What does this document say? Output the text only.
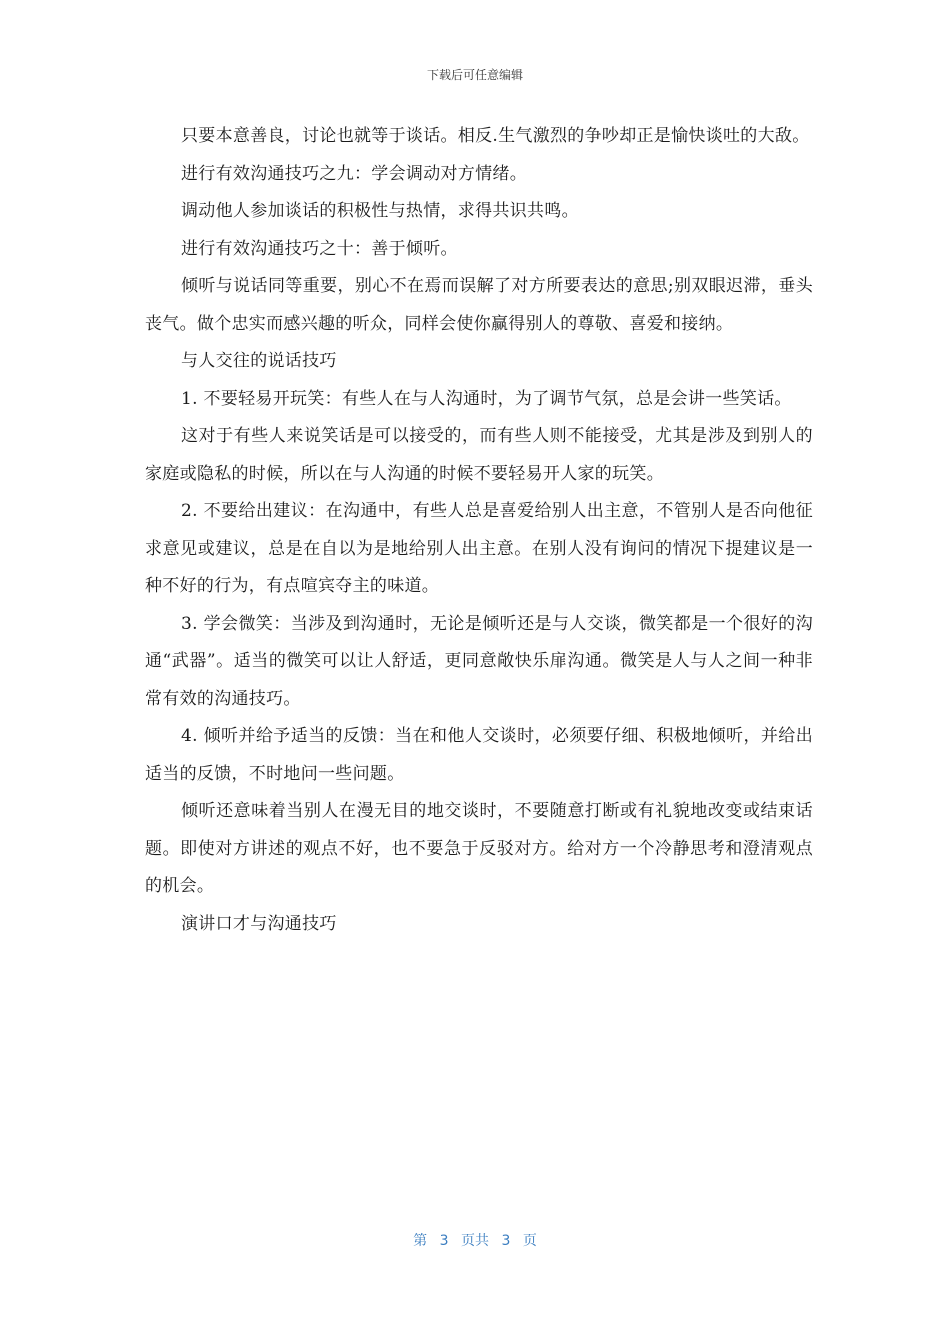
下载后可任意编辑

只要本意善良，讨论也就等于谈话。相反.生气激烈的争吵却正是愉快谈吐的大敌。

进行有效沟通技巧之九：学会调动对方情绪。

调动他人参加谈话的积极性与热情，求得共识共鸣。

进行有效沟通技巧之十：善于倾听。

倾听与说话同等重要，别心不在焉而误解了对方所要表达的意思;别双眼迟滞，垂头丧气。做个忠实而感兴趣的听众，同样会使你赢得别人的尊敬、喜爱和接纳。

与人交往的说话技巧

1. 不要轻易开玩笑：有些人在与人沟通时，为了调节气氛，总是会讲一些笑话。

这对于有些人来说笑话是可以接受的，而有些人则不能接受，尤其是涉及到别人的家庭或隐私的时候，所以在与人沟通的时候不要轻易开人家的玩笑。

2. 不要给出建议：在沟通中，有些人总是喜爱给别人出主意，不管别人是否向他征求意见或建议，总是在自以为是地给别人出主意。在别人没有询问的情况下提建议是一种不好的行为，有点喧宾夺主的味道。

3. 学会微笑：当涉及到沟通时，无论是倾听还是与人交谈，微笑都是一个很好的沟通“武器”。适当的微笑可以让人舒适，更同意敞快乐扉沟通。微笑是人与人之间一种非常有效的沟通技巧。

4. 倾听并给予适当的反馈：当在和他人交谈时，必须要仔细、积极地倾听，并给出适当的反馈，不时地问一些问题。

倾听还意味着当别人在漫无目的地交谈时，不要随意打断或有礼貌地改变或结束话题。即使对方讲述的观点不好，也不要急于反驳对方。给对方一个冷静思考和澄清观点的机会。

演讲口才与沟通技巧

第 3 页共 3 页
